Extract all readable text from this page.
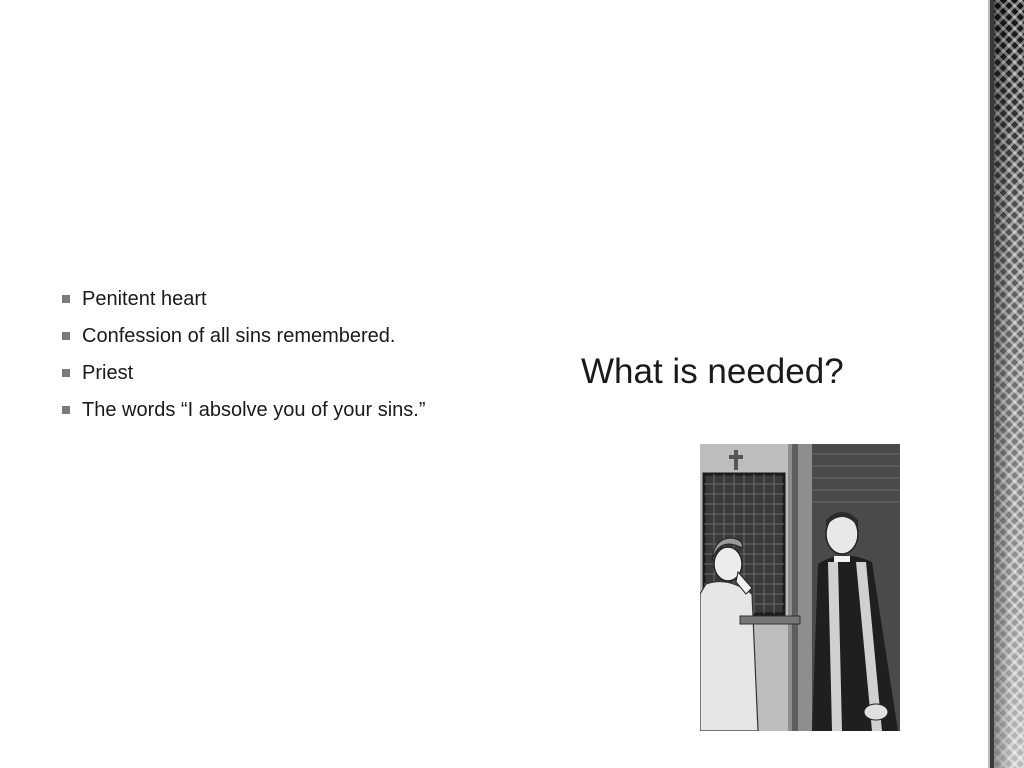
Penitent heart
Confession of all sins remembered.
Priest
The words “I absolve you of your sins.”
What is needed?
